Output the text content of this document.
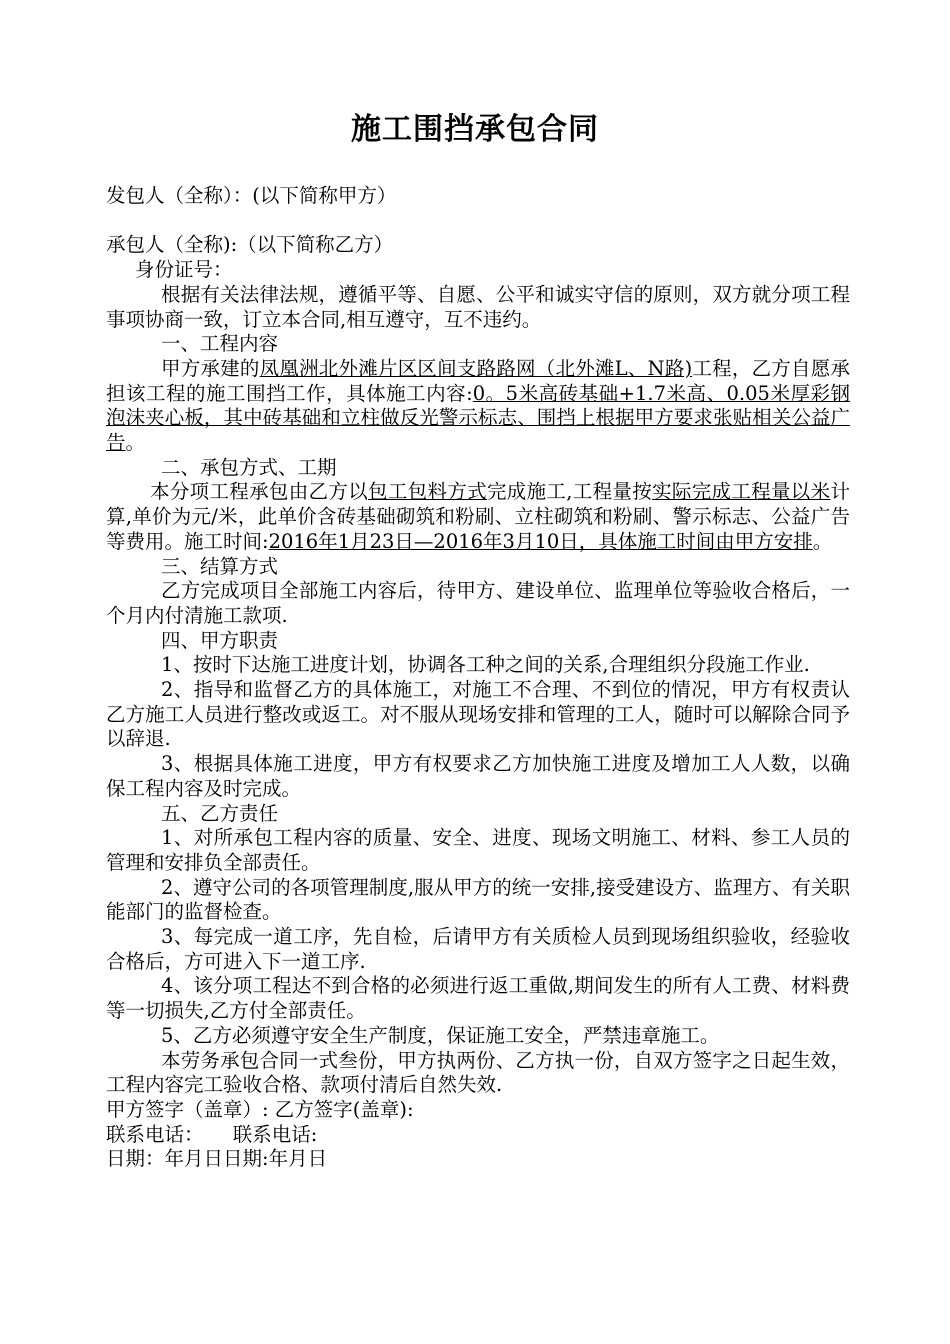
施工围挡承包合同

发包人（全称）：(以下简称甲方）

承包人（全称):（以下简称乙方）

身份证号：

根据有关法律法规，遵循平等、自愿、公平和诚实守信的原则，双方就分项工程事项协商一致，订立本合同,相互遵守，互不违约。

一、工程内容

甲方承建的凤凰洲北外滩片区区间支路路网（北外滩L、N路)工程，乙方自愿承担该工程的施工围挡工作，具体施工内容:0。5米高砖基础+1.7米高、0.05米厚彩钢泡沫夹心板，其中砖基础和立柱做反光警示标志、围挡上根据甲方要求张贴相关公益广告。

二、承包方式、工期

本分项工程承包由乙方以包工包料方式完成施工,工程量按实际完成工程量以米计算,单价为元/米，此单价含砖基础砌筑和粉刷、立柱砌筑和粉刷、警示标志、公益广告等费用。施工时间:2016年1月23日—2016年3月10日，具体施工时间由甲方安排。

三、结算方式

乙方完成项目全部施工内容后，待甲方、建设单位、监理单位等验收合格后，一个月内付清施工款项.

四、甲方职责

1、按时下达施工进度计划，协调各工种之间的关系,合理组织分段施工作业.

2、指导和监督乙方的具体施工，对施工不合理、不到位的情况，甲方有权责认乙方施工人员进行整改或返工。对不服从现场安排和管理的工人，随时可以解除合同予以辞退.

3、根据具体施工进度，甲方有权要求乙方加快施工进度及增加工人人数，以确保工程内容及时完成。

五、乙方责任

1、对所承包工程内容的质量、安全、进度、现场文明施工、材料、参工人员的管理和安排负全部责任。

2、遵守公司的各项管理制度,服从甲方的统一安排,接受建设方、监理方、有关职能部门的监督检查。

3、每完成一道工序，先自检，后请甲方有关质检人员到现场组织验收，经验收合格后，方可进入下一道工序.

4、该分项工程达不到合格的必须进行返工重做,期间发生的所有人工费、材料费等一切损失,乙方付全部责任。

5、乙方必须遵守安全生产制度，保证施工安全，严禁违章施工。

本劳务承包合同一式叁份，甲方执两份、乙方执一份，自双方签字之日起生效，工程内容完工验收合格、款项付清后自然失效.

甲方签字（盖章）: 乙方签字(盖章):

联系电话：　　联系电话:

日期：年月日日期:年月日
